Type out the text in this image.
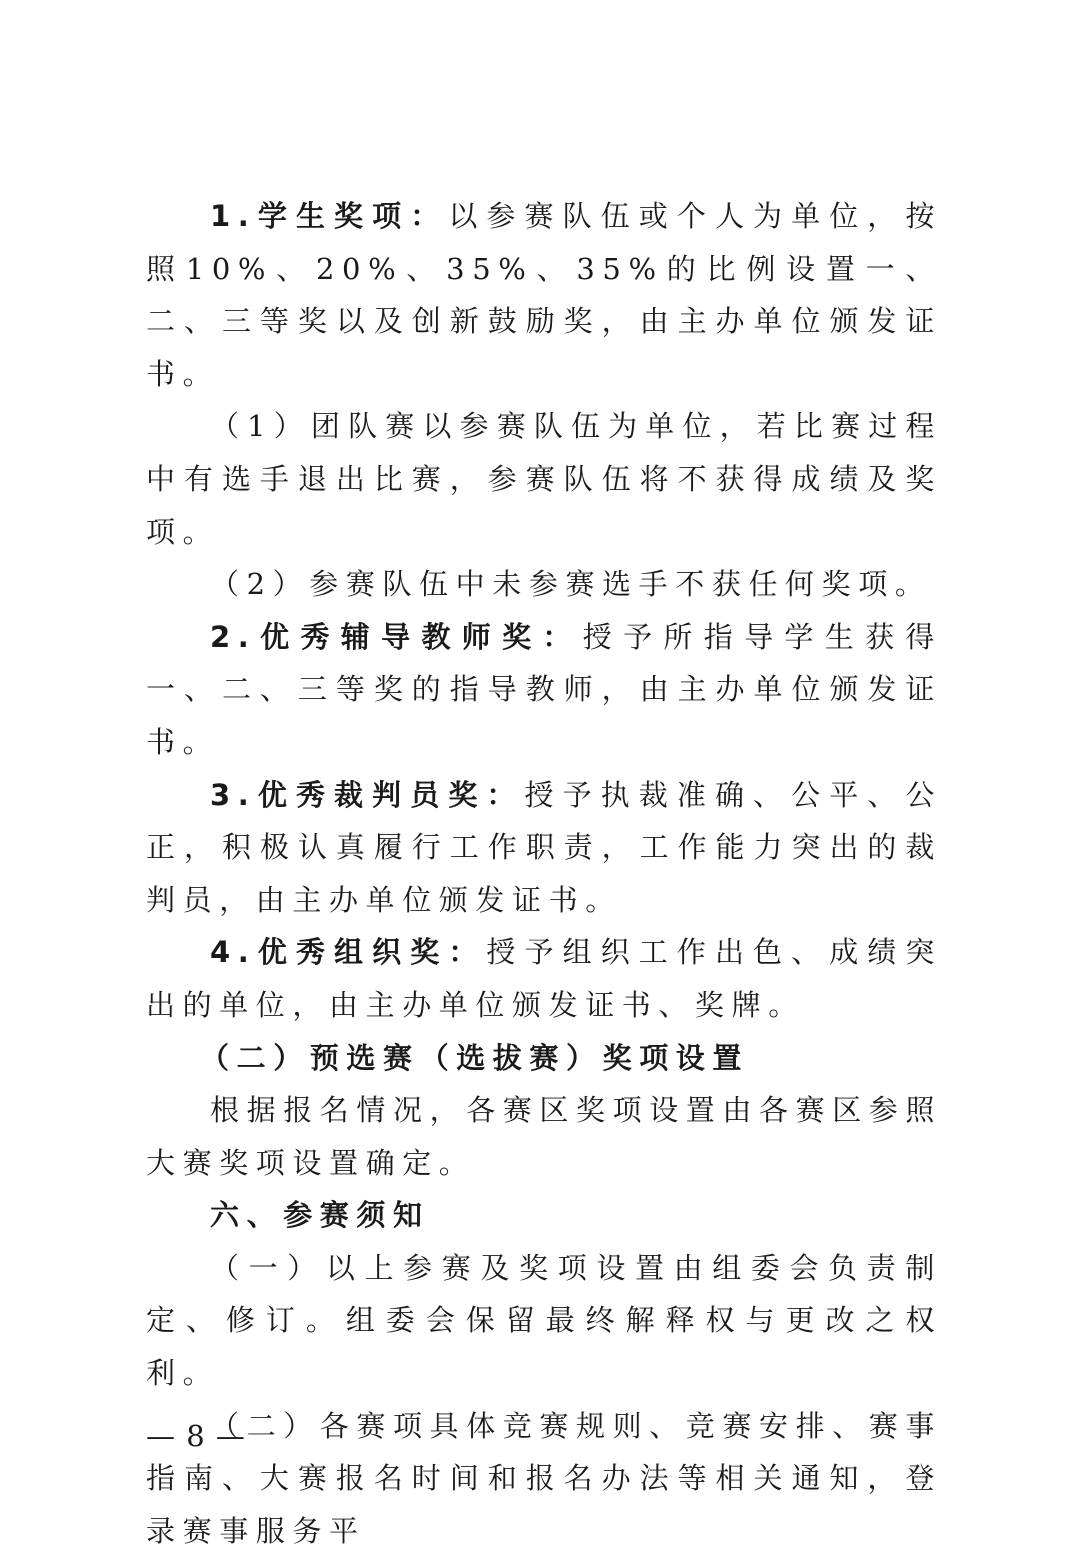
1.学生奖项：以参赛队伍或个人为单位，按照10%、20%、35%、35%的比例设置一、二、三等奖以及创新鼓励奖，由主办单位颁发证书。

（1）团队赛以参赛队伍为单位，若比赛过程中有选手退出比赛，参赛队伍将不获得成绩及奖项。

（2）参赛队伍中未参赛选手不获任何奖项。

2.优秀辅导教师奖：授予所指导学生获得一、二、三等奖的指导教师，由主办单位颁发证书。

3.优秀裁判员奖：授予执裁准确、公平、公正，积极认真履行工作职责，工作能力突出的裁判员，由主办单位颁发证书。

4.优秀组织奖：授予组织工作出色、成绩突出的单位，由主办单位颁发证书、奖牌。

（二）预选赛（选拔赛）奖项设置

根据报名情况，各赛区奖项设置由各赛区参照大赛奖项设置确定。

六、参赛须知

（一）以上参赛及奖项设置由组委会负责制定、修订。组委会保留最终解释权与更改之权利。

（二）各赛项具体竞赛规则、竞赛安排、赛事指南、大赛报名时间和报名办法等相关通知，登录赛事服务平

— 8 —
